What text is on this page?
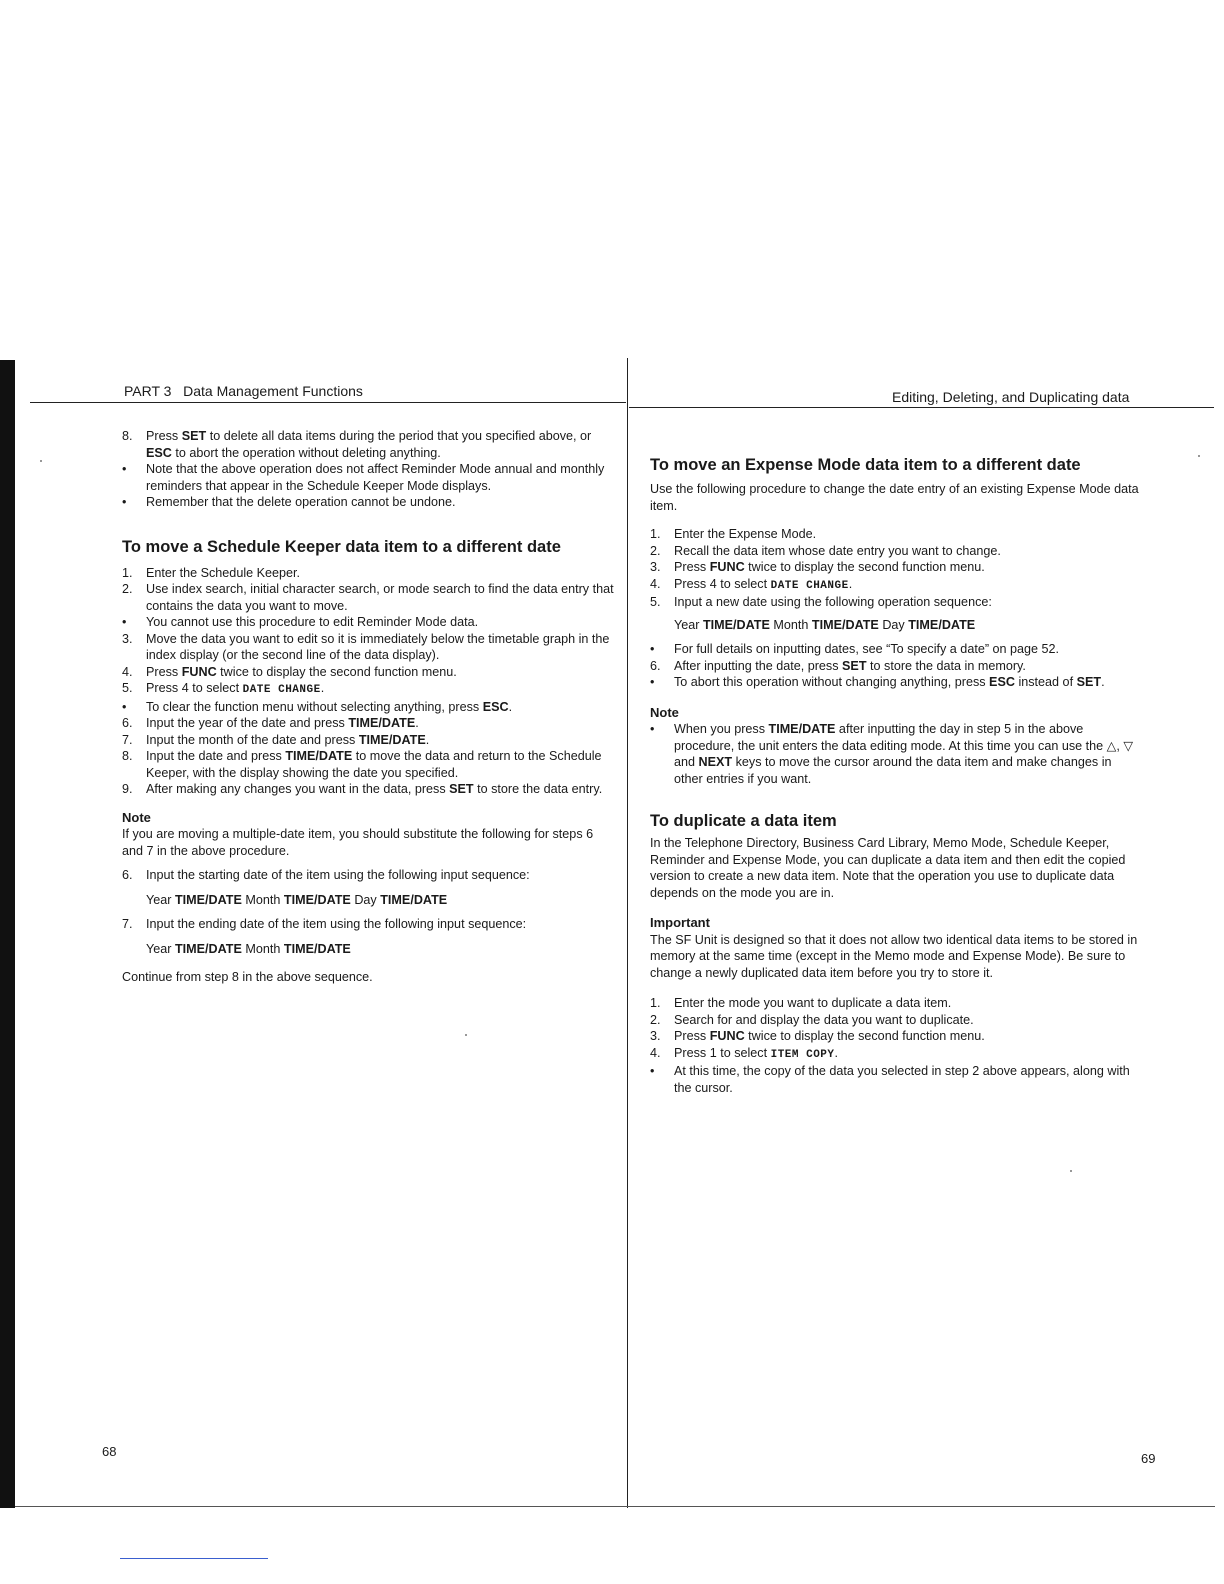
PART 3 Data Management Functions
8.	Press SET to delete all data items during the period that you specified above, or ESC to abort the operation without deleting anything.
•	Note that the above operation does not affect Reminder Mode annual and monthly reminders that appear in the Schedule Keeper Mode displays.
•	Remember that the delete operation cannot be undone.
To move a Schedule Keeper data item to a different date
1.	Enter the Schedule Keeper.
2.	Use index search, initial character search, or mode search to find the data entry that contains the data you want to move.
•	You cannot use this procedure to edit Reminder Mode data.
3.	Move the data you want to edit so it is immediately below the timetable graph in the index display (or the second line of the data display).
4.	Press FUNC twice to display the second function menu.
5.	Press 4 to select DATE CHANGE.
•	To clear the function menu without selecting anything, press ESC.
6.	Input the year of the date and press TIME/DATE.
7.	Input the month of the date and press TIME/DATE.
8.	Input the date and press TIME/DATE to move the data and return to the Schedule Keeper, with the display showing the date you specified.
9.	After making any changes you want in the data, press SET to store the data entry.

Note

If you are moving a multiple-date item, you should substitute the following for steps 6 and 7 in the above procedure.

6.	Input the starting date of the item using the following input sequence:
Year TIME/DATE Month TIME/DATE Day TIME/DATE
7.	Input the ending date of the item using the following input sequence:
Year TIME/DATE Month TIME/DATE

Continue from step 8 in the above sequence.

68
Editing, Deleting, and Duplicating data
To move an Expense Mode data item to a different date

Use the following procedure to change the date entry of an existing Expense Mode data item.

1.	Enter the Expense Mode.
2.	Recall the data item whose date entry you want to change.
3.	Press FUNC twice to display the second function menu.
4.	Press 4 to select DATE CHANGE.
5.	Input a new date using the following operation sequence:
Year TIME/DATE Month TIME/DATE Day TIME/DATE
•	For full details on inputting dates, see “To specify a date” on page 52.
6.	After inputting the date, press SET to store the data in memory.
•	To abort this operation without changing anything, press ESC instead of SET.

Note

•	When you press TIME/DATE after inputting the day in step 5 in the above procedure, the unit enters the data editing mode. At this time you can use the △, ▽ and NEXT keys to move the cursor around the data item and make changes in other entries if you want.
To duplicate a data item

In the Telephone Directory, Business Card Library, Memo Mode, Schedule Keeper, Reminder and Expense Mode, you can duplicate a data item and then edit the copied version to create a new data item. Note that the operation you use to duplicate data depends on the mode you are in.

Important

The SF Unit is designed so that it does not allow two identical data items to be stored in memory at the same time (except in the Memo mode and Expense Mode). Be sure to change a newly duplicated data item before you try to store it.

1.	Enter the mode you want to duplicate a data item.
2.	Search for and display the data you want to duplicate.
3.	Press FUNC twice to display the second function menu.
4.	Press 1 to select ITEM COPY.
•	At this time, the copy of the data you selected in step 2 above appears, along with the cursor.
69
